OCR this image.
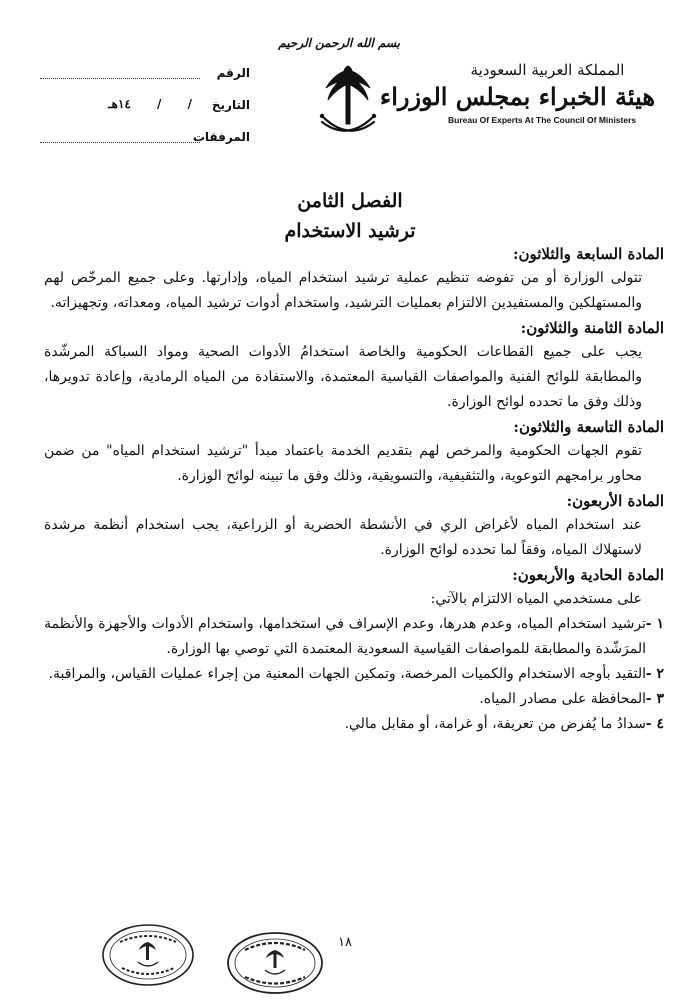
بسم الله الرحمن الرحيم
المملكة العربية السعودية
هيئة الخبراء بمجلس الوزراء
Bureau Of Experts At The Council Of Ministers
الرقم
التاريخ
/ / ١٤هـ
المرفقات
الفصل الثامن
ترشيد الاستخدام

المادة السابعة والثلاثون:

تتولى الوزارة أو من تفوضه تنظيم عملية ترشيد استخدام المياه، وإدارتها. وعلى جميع المرخّص لهم والمستهلكين والمستفيدين الالتزام بعمليات الترشيد، واستخدام أدوات ترشيد المياه، ومعداته، وتجهيزاته.

المادة الثامنة والثلاثون:

يجب على جميع القطاعات الحكومية والخاصة استخدامُ الأدوات الصحية ومواد السباكة المرشّدة والمطابقة للوائح الفنية والمواصفات القياسية المعتمدة، والاستفادة من المياه الرمادية، وإعادة تدويرها، وذلك وفق ما تحدده لوائح الوزارة.

المادة التاسعة والثلاثون:

تقوم الجهات الحكومية والمرخص لهم بتقديم الخدمة باعتماد مبدأ "ترشيد استخدام المياه" من ضمن محاور برامجهم التوعوية، والتثقيفية، والتسويقية، وذلك وفق ما تبينه لوائح الوزارة.

المادة الأربعون:

عند استخدام المياه لأغراض الري في الأنشطة الحضرية أو الزراعية، يجب استخدام أنظمة مرشدة لاستهلاك المياه، وفقاً لما تحدده لوائح الوزارة.

المادة الحادية والأربعون:

على مستخدمي المياه الالتزام بالآتي:

١ -
ترشيد استخدام المياه، وعدم هدرها، وعدم الإسراف في استخدامها، واستخدام الأدوات والأجهزة والأنظمة المرَشّدة والمطابقة للمواصفات القياسية السعودية المعتمدة التي توصي بها الوزارة.
٢ -
التقيد بأوجه الاستخدام والكميات المرخصة، وتمكين الجهات المعنية من إجراء عمليات القياس، والمراقبة.
٣ -
المحافظة على مصادر المياه.
٤ -
سدادُ ما يُفرض من تعريفة، أو غرامة، أو مقابل مالي.
١٨
